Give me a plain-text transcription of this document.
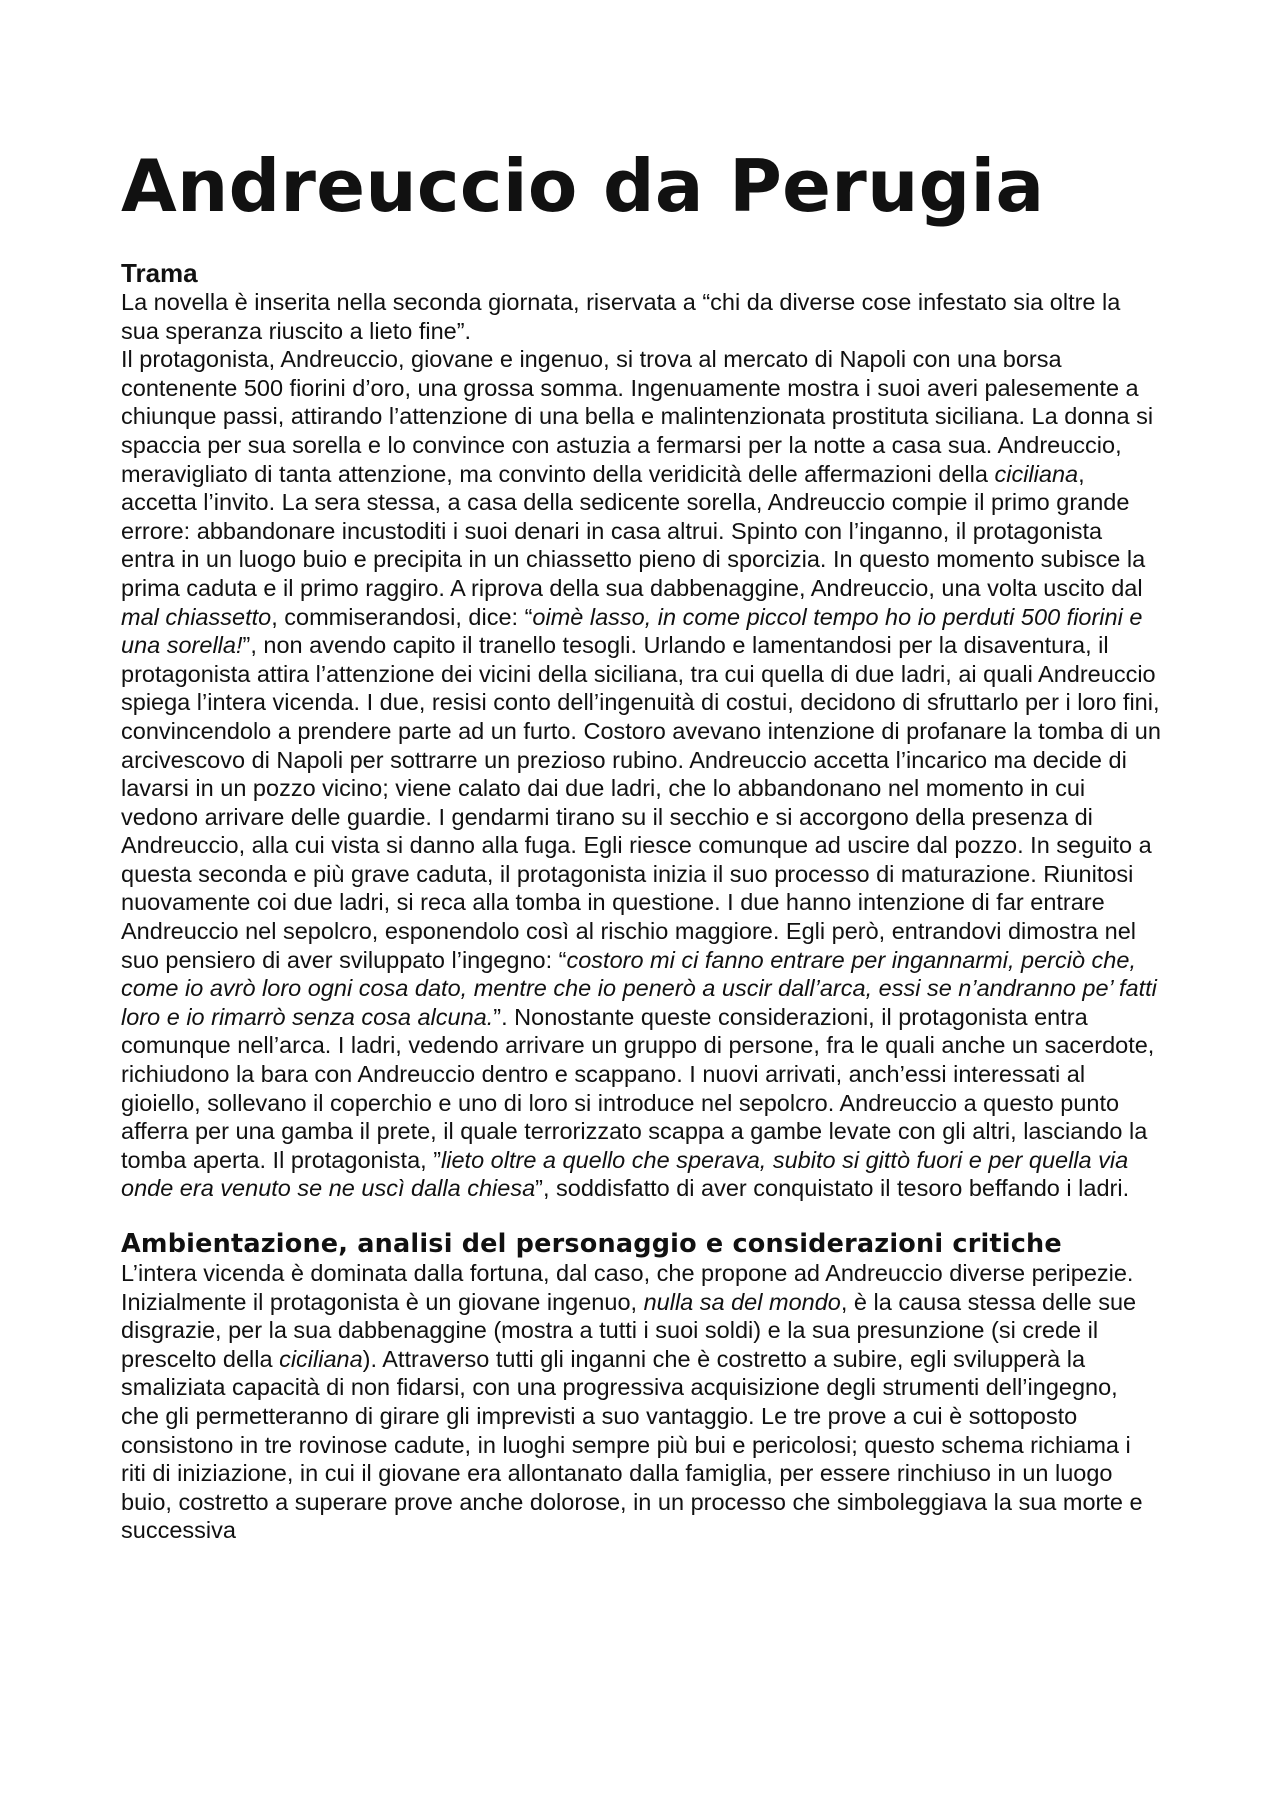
Andreuccio da Perugia
Trama

La novella è inserita nella seconda giornata, riservata a “chi da diverse cose infestato sia oltre la sua speranza riuscito a lieto fine”.

Il protagonista, Andreuccio, giovane e ingenuo, si trova al mercato di Napoli con una borsa contenente 500 fiorini d’oro, una grossa somma. Ingenuamente mostra i suoi averi palesemente a chiunque passi, attirando l’attenzione di una bella e malintenzionata prostituta siciliana. La donna si spaccia per sua sorella e lo convince con astuzia a fermarsi per la notte a casa sua. Andreuccio, meravigliato di tanta attenzione, ma convinto della veridicità delle affermazioni della ciciliana, accetta l’invito. La sera stessa, a casa della sedicente sorella, Andreuccio compie il primo grande errore: abbandonare incustoditi i suoi denari in casa altrui. Spinto con l’inganno, il protagonista entra in un luogo buio e precipita in un chiassetto pieno di sporcizia. In questo momento subisce la prima caduta e il primo raggiro. A riprova della sua dabbenaggine, Andreuccio, una volta uscito dal mal chiassetto, commiserandosi, dice: “oimè lasso, in come piccol tempo ho io perduti 500 fiorini e una sorella!”, non avendo capito il tranello tesogli. Urlando e lamentandosi per la disaventura, il protagonista attira l’attenzione dei vicini della siciliana, tra cui quella di due ladri, ai quali Andreuccio spiega l’intera vicenda. I due, resisi conto dell’ingenuità di costui, decidono di sfruttarlo per i loro fini, convincendolo a prendere parte ad un furto. Costoro avevano intenzione di profanare la tomba di un arcivescovo di Napoli per sottrarre un prezioso rubino. Andreuccio accetta l’incarico ma decide di lavarsi in un pozzo vicino; viene calato dai due ladri, che lo abbandonano nel momento in cui vedono arrivare delle guardie. I gendarmi tirano su il secchio e si accorgono della presenza di Andreuccio, alla cui vista si danno alla fuga. Egli riesce comunque ad uscire dal pozzo. In seguito a questa seconda e più grave caduta, il protagonista inizia il suo processo di maturazione. Riunitosi nuovamente coi due ladri, si reca alla tomba in questione. I due hanno intenzione di far entrare Andreuccio nel sepolcro, esponendolo così al rischio maggiore. Egli però, entrandovi dimostra nel suo pensiero di aver sviluppato l’ingegno: “costoro mi ci fanno entrare per ingannarmi, perciò che, come io avrò loro ogni cosa dato, mentre che io penerò a uscir dall’arca, essi se n’andranno pe’ fatti loro e io rimarrò senza cosa alcuna.”. Nonostante queste considerazioni, il protagonista entra comunque nell’arca. I ladri, vedendo arrivare un gruppo di persone, fra le quali anche un sacerdote, richiudono la bara con Andreuccio dentro e scappano. I nuovi arrivati, anch’essi interessati al gioiello, sollevano il coperchio e uno di loro si introduce nel sepolcro. Andreuccio a questo punto afferra per una gamba il prete, il quale terrorizzato scappa a gambe levate con gli altri, lasciando la tomba aperta. Il protagonista, ”lieto oltre a quello che sperava, subito si gittò fuori e per quella via onde era venuto se ne uscì dalla chiesa”, soddisfatto di aver conquistato il tesoro beffando i ladri.

Ambientazione, analisi del personaggio e considerazioni critiche

L’intera vicenda è dominata dalla fortuna, dal caso, che propone ad Andreuccio diverse peripezie. Inizialmente il protagonista è un giovane ingenuo, nulla sa del mondo, è la causa stessa delle sue disgrazie, per la sua dabbenaggine (mostra a tutti i suoi soldi) e la sua presunzione (si crede il prescelto della ciciliana). Attraverso tutti gli inganni che è costretto a subire, egli svilupperà la smaliziata capacità di non fidarsi, con una progressiva acquisizione degli strumenti dell’ingegno, che gli permetteranno di girare gli imprevisti a suo vantaggio. Le tre prove a cui è sottoposto consistono in tre rovinose cadute, in luoghi sempre più bui e pericolosi; questo schema richiama i riti di iniziazione, in cui il giovane era allontanato dalla famiglia, per essere rinchiuso in un luogo buio, costretto a superare prove anche dolorose, in un processo che simboleggiava la sua morte e successiva
